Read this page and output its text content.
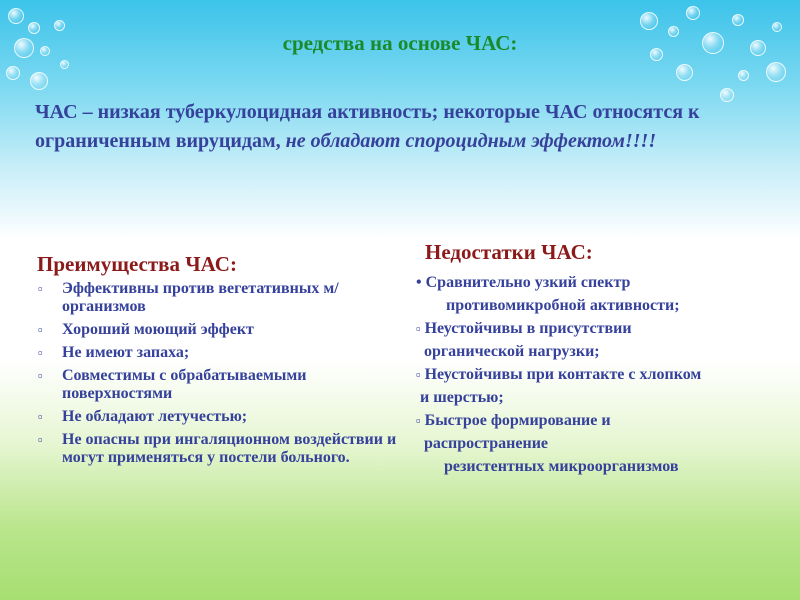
средства на основе ЧАС:
ЧАС – низкая туберкулоцидная активность; некоторые ЧАС относятся к ограниченным вируцидам, не обладают спороцидным эффектом!!!!
Преимущества ЧАС:
▫ Эффективны против вегетативных м/организмов
▫ Хороший моющий эффект
▫ Не имеют запаха;
▫ Совместимы с обрабатываемыми поверхностями
▫ Не обладают летучестью;
▫ Не опасны при ингаляционном воздействии и могут применяться у постели больного.
Недостатки ЧАС:
• Сравнительно узкий спектр
противомикробной активности;
▫ Неустойчивы в присутствии
органической нагрузки;
▫ Неустойчивы при контакте с хлопком
и шерстью;
▫ Быстрое формирование и
распространение
резистентных микроорганизмов
